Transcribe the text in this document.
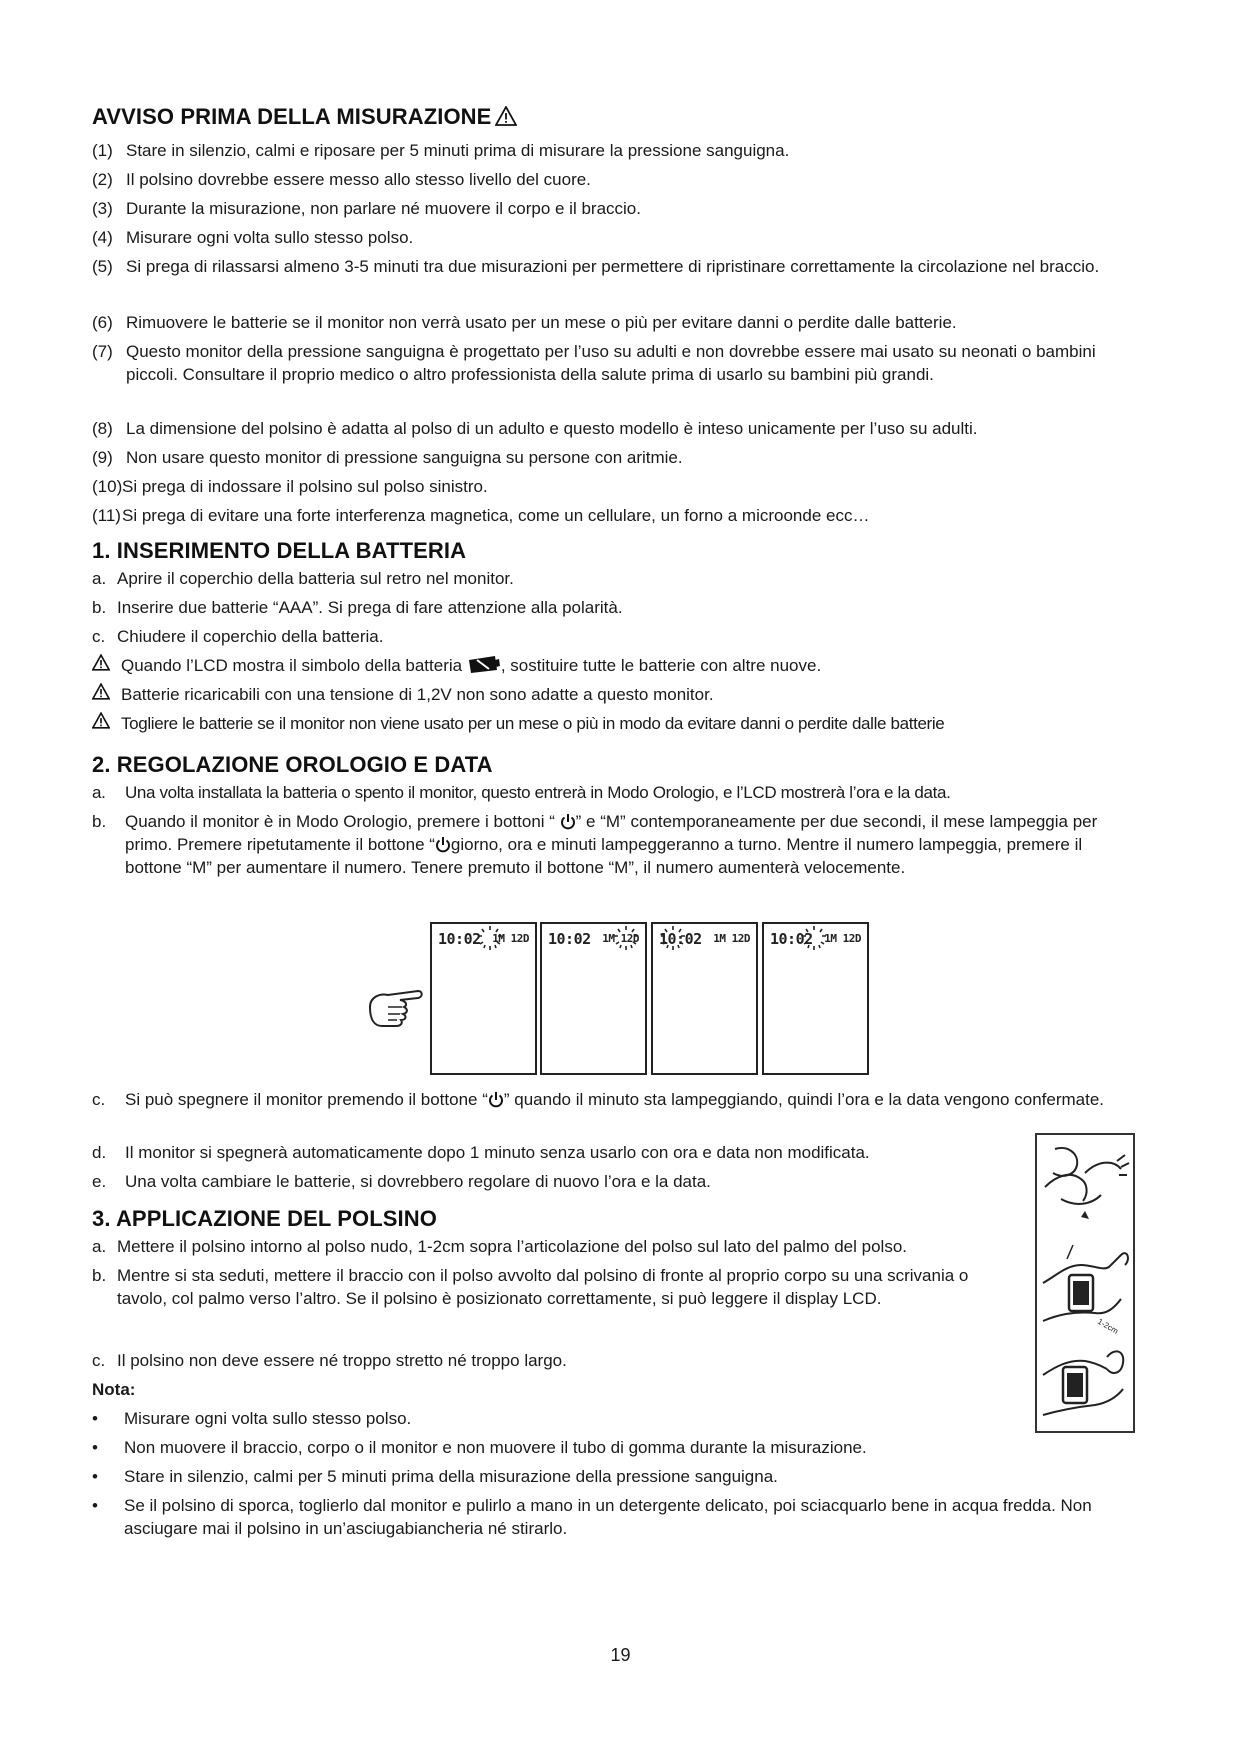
AVVISO PRIMA DELLA MISURAZIONE
(1) Stare in silenzio, calmi e riposare per 5 minuti prima di misurare la pressione sanguigna.
(2) Il polsino dovrebbe essere messo allo stesso livello del cuore.
(3) Durante la misurazione, non parlare né muovere il corpo e il braccio.
(4) Misurare ogni volta sullo stesso polso.
(5) Si prega di rilassarsi almeno 3-5 minuti tra due misurazioni per permettere di ripristinare correttamente la circolazione nel braccio.
(6) Rimuovere le batterie se il monitor non verrà usato per un mese o più per evitare danni o perdite dalle batterie.
(7) Questo monitor della pressione sanguigna è progettato per l’uso su adulti e non dovrebbe essere mai usato su neonati o bambini piccoli. Consultare il proprio medico o altro professionista della salute prima di usarlo su bambini più grandi.
(8) La dimensione del polsino è adatta al polso di un adulto e questo modello è inteso unicamente per l’uso su adulti.
(9) Non usare questo monitor di pressione sanguigna su persone con aritmie.
(10) Si prega di indossare il polsino sul polso sinistro.
(11) Si prega di evitare una forte interferenza magnetica, come un cellulare, un forno a microonde ecc…
1. INSERIMENTO DELLA BATTERIA
a. Aprire il coperchio della batteria sul retro nel monitor.
b. Inserire due batterie “AAA”. Si prega di fare attenzione alla polarità.
c. Chiudere il coperchio della batteria.
Quando l’LCD mostra il simbolo della batteria , sostituire tutte le batterie con altre nuove.
Batterie ricaricabili con una tensione di 1,2V non sono adatte a questo monitor.
Togliere le batterie se il monitor non viene usato per un mese o più in modo da evitare danni o perdite dalle batterie
2. REGOLAZIONE OROLOGIO E DATA
a.	Una volta installata la batteria o spento il monitor, questo entrerà in Modo Orologio, e l’LCD mostrerà l’ora e la data.
b.	Quando il monitor è in Modo Orologio, premere i bottoni “ ” e “M” contemporaneamente per due secondi, il mese lampeggia per primo. Premere ripetutamente il bottone “ giorno, ora e minuti lampeggeranno a turno. Mentre il numero lampeggia, premere il bottone “M” per aumentare il numero. Tenere premuto il bottone “M”, il numero aumenterà velocemente.
c.	Si può spegnere il monitor premendo il bottone “ ” quando il minuto sta lampeggiando, quindi l’ora e la data vengono confermate.
d.	Il monitor si spegnerà automaticamente dopo 1 minuto senza usarlo con ora e data non modificata.
e.	Una volta cambiare le batterie, si dovrebbero regolare di nuovo l’ora e la data.
10:02 1M 12D 10:02 1M 12D 10:02 1M 12D 10:02 1M 12D
3. APPLICAZIONE DEL POLSINO
a. Mettere il polsino intorno al polso nudo, 1-2cm sopra l’articolazione del polso sul lato del palmo del polso.
b. Mentre si sta seduti, mettere il braccio con il polso avvolto dal polsino di fronte al proprio corpo su una scrivania o tavolo, col palmo verso l’altro. Se il polsino è posizionato correttamente, si può leggere il display LCD.
c. Il polsino non deve essere né troppo stretto né troppo largo.
Nota:
•	Misurare ogni volta sullo stesso polso.
•	Non muovere il braccio, corpo o il monitor e non muovere il tubo di gomma durante la misurazione.
•	Stare in silenzio, calmi per 5 minuti prima della misurazione della pressione sanguigna.
•	Se il polsino di sporca, toglierlo dal monitor e pulirlo a mano in un detergente delicato, poi sciacquarlo bene in acqua fredda. Non asciugare mai il polsino in un’asciugabiancheria né stirarlo.
1-2cm
19
